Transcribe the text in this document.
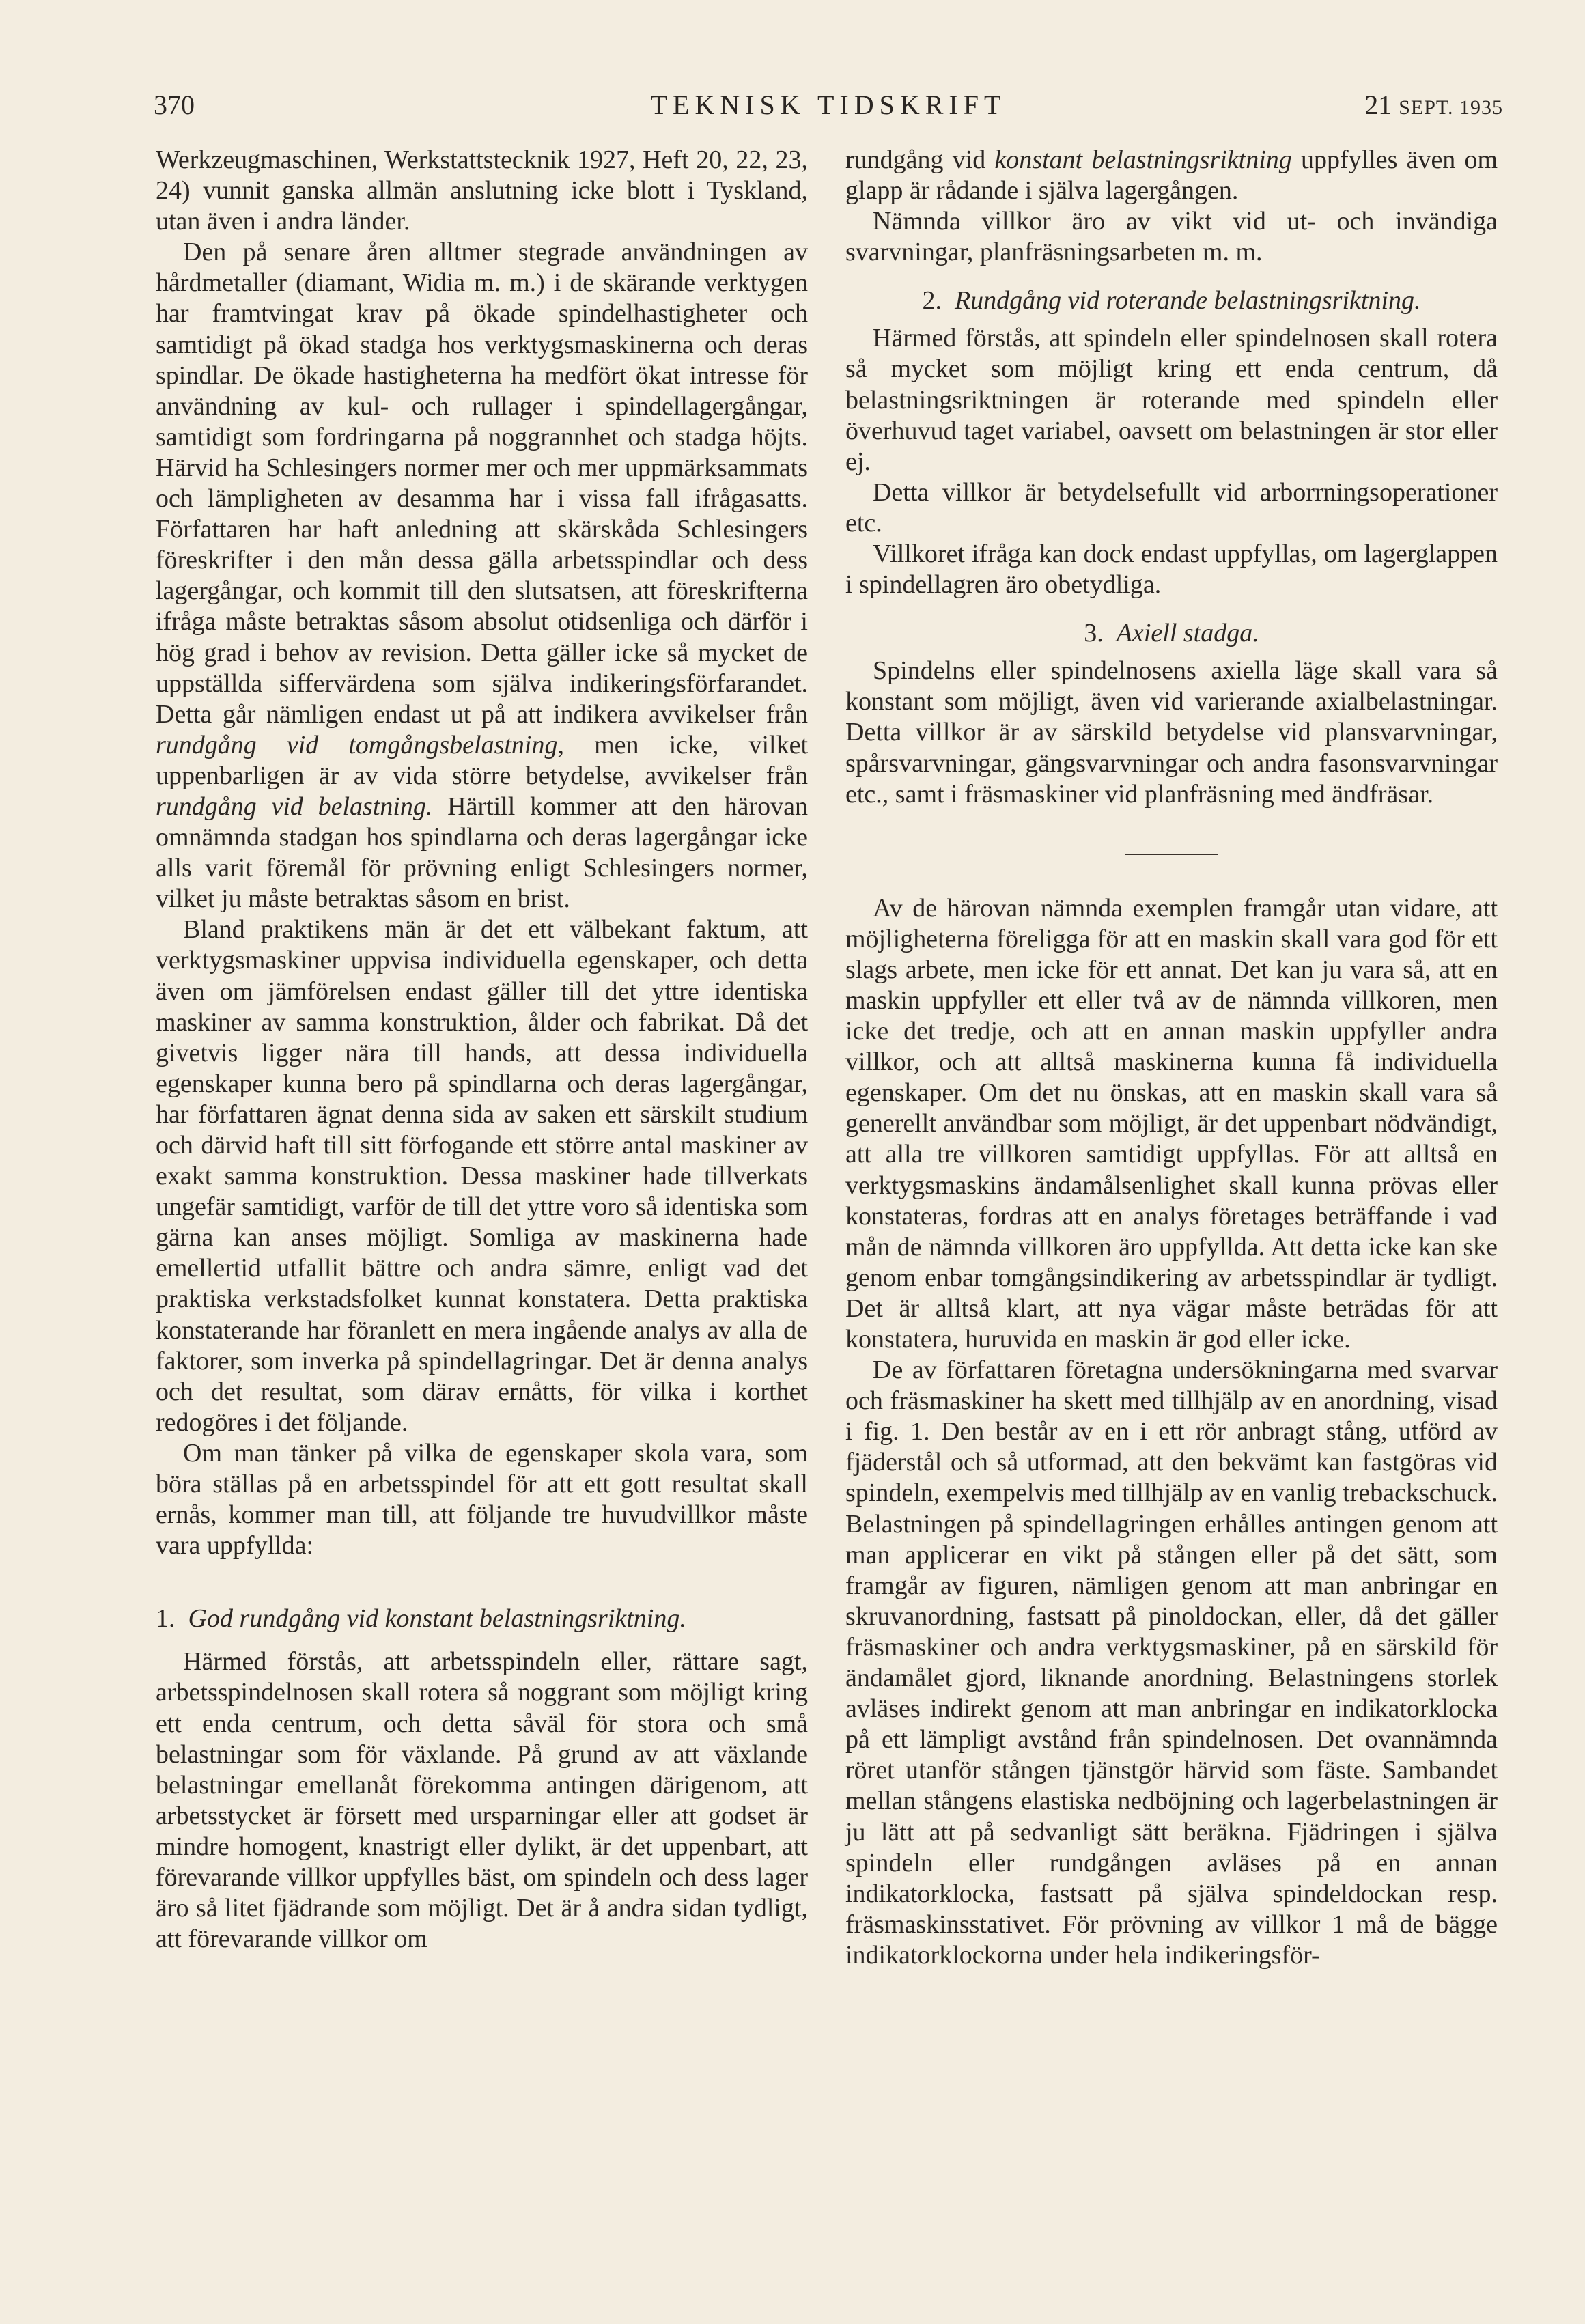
370	TEKNISK TIDSKRIFT	21 SEPT. 1935

Werkzeugmaschinen, Werkstattstecknik 1927, Heft 20, 22, 23, 24) vunnit ganska allmän anslutning icke blott i Tyskland, utan även i andra länder.

Den på senare åren alltmer stegrade användningen av hårdmetaller (diamant, Widia m. m.) i de skärande verktygen har framtvingat krav på ökade spindelhastigheter och samtidigt på ökad stadga hos verktygsmaskinerna och deras spindlar. De ökade hastigheterna ha medfört ökat intresse för användning av kul- och rullager i spindellagergångar, samtidigt som fordringarna på noggrannhet och stadga höjts. Härvid ha Schlesingers normer mer och mer uppmärksammats och lämpligheten av desamma har i vissa fall ifrågasatts. Författaren har haft anledning att skärskåda Schlesingers föreskrifter i den mån dessa gälla arbetsspindlar och dess lagergångar, och kommit till den slutsatsen, att föreskrifterna ifråga måste betraktas såsom absolut otidsenliga och därför i hög grad i behov av revision. Detta gäller icke så mycket de uppställda siffervärdena som själva indikeringsförfarandet. Detta går nämligen endast ut på att indikera avvikelser från rundgång vid tomgångsbelastning, men icke, vilket uppenbarligen är av vida större betydelse, avvikelser från rundgång vid belastning. Härtill kommer att den härovan omnämnda stadgan hos spindlarna och deras lagergångar icke alls varit föremål för prövning enligt Schlesingers normer, vilket ju måste betraktas såsom en brist.

Bland praktikens män är det ett välbekant faktum, att verktygsmaskiner uppvisa individuella egenskaper, och detta även om jämförelsen endast gäller till det yttre identiska maskiner av samma konstruktion, ålder och fabrikat. Då det givetvis ligger nära till hands, att dessa individuella egenskaper kunna bero på spindlarna och deras lagergångar, har författaren ägnat denna sida av saken ett särskilt studium och därvid haft till sitt förfogande ett större antal maskiner av exakt samma konstruktion. Dessa maskiner hade tillverkats ungefär samtidigt, varför de till det yttre voro så identiska som gärna kan anses möjligt. Somliga av maskinerna hade emellertid utfallit bättre och andra sämre, enligt vad det praktiska verkstadsfolket kunnat konstatera. Detta praktiska konstaterande har föranlett en mera ingående analys av alla de faktorer, som inverka på spindellagringar. Det är denna analys och det resultat, som därav ernåtts, för vilka i korthet redogöres i det följande.

Om man tänker på vilka de egenskaper skola vara, som böra ställas på en arbetsspindel för att ett gott resultat skall ernås, kommer man till, att följande tre huvudvillkor måste vara uppfyllda:

1. God rundgång vid konstant belastningsriktning.

Härmed förstås, att arbetsspindeln eller, rättare sagt, arbetsspindelnosen skall rotera så noggrant som möjligt kring ett enda centrum, och detta såväl för stora och små belastningar som för växlande. På grund av att växlande belastningar emellanåt förekomma antingen därigenom, att arbetsstycket är försett med ursparningar eller att godset är mindre homogent, knastrigt eller dylikt, är det uppenbart, att förevarande villkor uppfylles bäst, om spindeln och dess lager äro så litet fjädrande som möjligt. Det är å andra sidan tydligt, att förevarande villkor om

rundgång vid konstant belastningsriktning uppfylles även om glapp är rådande i själva lagergången.

Nämnda villkor äro av vikt vid ut- och invändiga svarvningar, planfräsningsarbeten m. m.

2. Rundgång vid roterande belastningsriktning.

Härmed förstås, att spindeln eller spindelnosen skall rotera så mycket som möjligt kring ett enda centrum, då belastningsriktningen är roterande med spindeln eller överhuvud taget variabel, oavsett om belastningen är stor eller ej.

Detta villkor är betydelsefullt vid arborrningsoperationer etc.

Villkoret ifråga kan dock endast uppfyllas, om lagerglappen i spindellagren äro obetydliga.

3. Axiell stadga.

Spindelns eller spindelnosens axiella läge skall vara så konstant som möjligt, även vid varierande axialbelastningar. Detta villkor är av särskild betydelse vid plansvarvningar, spårsvarvningar, gängsvarvningar och andra fasonsvarvningar etc., samt i fräsmaskiner vid planfräsning med ändfräsar.

Av de härovan nämnda exemplen framgår utan vidare, att möjligheterna föreligga för att en maskin skall vara god för ett slags arbete, men icke för ett annat. Det kan ju vara så, att en maskin uppfyller ett eller två av de nämnda villkoren, men icke det tredje, och att en annan maskin uppfyller andra villkor, och att alltså maskinerna kunna få individuella egenskaper. Om det nu önskas, att en maskin skall vara så generellt användbar som möjligt, är det uppenbart nödvändigt, att alla tre villkoren samtidigt uppfyllas. För att alltså en verktygsmaskins ändamålsenlighet skall kunna prövas eller konstateras, fordras att en analys företages beträffande i vad mån de nämnda villkoren äro uppfyllda. Att detta icke kan ske genom enbar tomgångsindikering av arbetsspindlar är tydligt. Det är alltså klart, att nya vägar måste beträdas för att konstatera, huruvida en maskin är god eller icke.

De av författaren företagna undersökningarna med svarvar och fräsmaskiner ha skett med tillhjälp av en anordning, visad i fig. 1. Den består av en i ett rör anbragt stång, utförd av fjäderstål och så utformad, att den bekvämt kan fastgöras vid spindeln, exempelvis med tillhjälp av en vanlig trebackschuck. Belastningen på spindellagringen erhålles antingen genom att man applicerar en vikt på stången eller på det sätt, som framgår av figuren, nämligen genom att man anbringar en skruvanordning, fastsatt på pinoldockan, eller, då det gäller fräsmaskiner och andra verktygsmaskiner, på en särskild för ändamålet gjord, liknande anordning. Belastningens storlek avläses indirekt genom att man anbringar en indikatorklocka på ett lämpligt avstånd från spindelnosen. Det ovannämnda röret utanför stången tjänstgör härvid som fäste. Sambandet mellan stångens elastiska nedböjning och lagerbelastningen är ju lätt att på sedvanligt sätt beräkna. Fjädringen i själva spindeln eller rundgången avläses på en annan indikatorklocka, fastsatt på själva spindeldockan resp. fräsmaskinsstativet. För prövning av villkor 1 må de bägge indikatorklockorna under hela indikeringsför-
